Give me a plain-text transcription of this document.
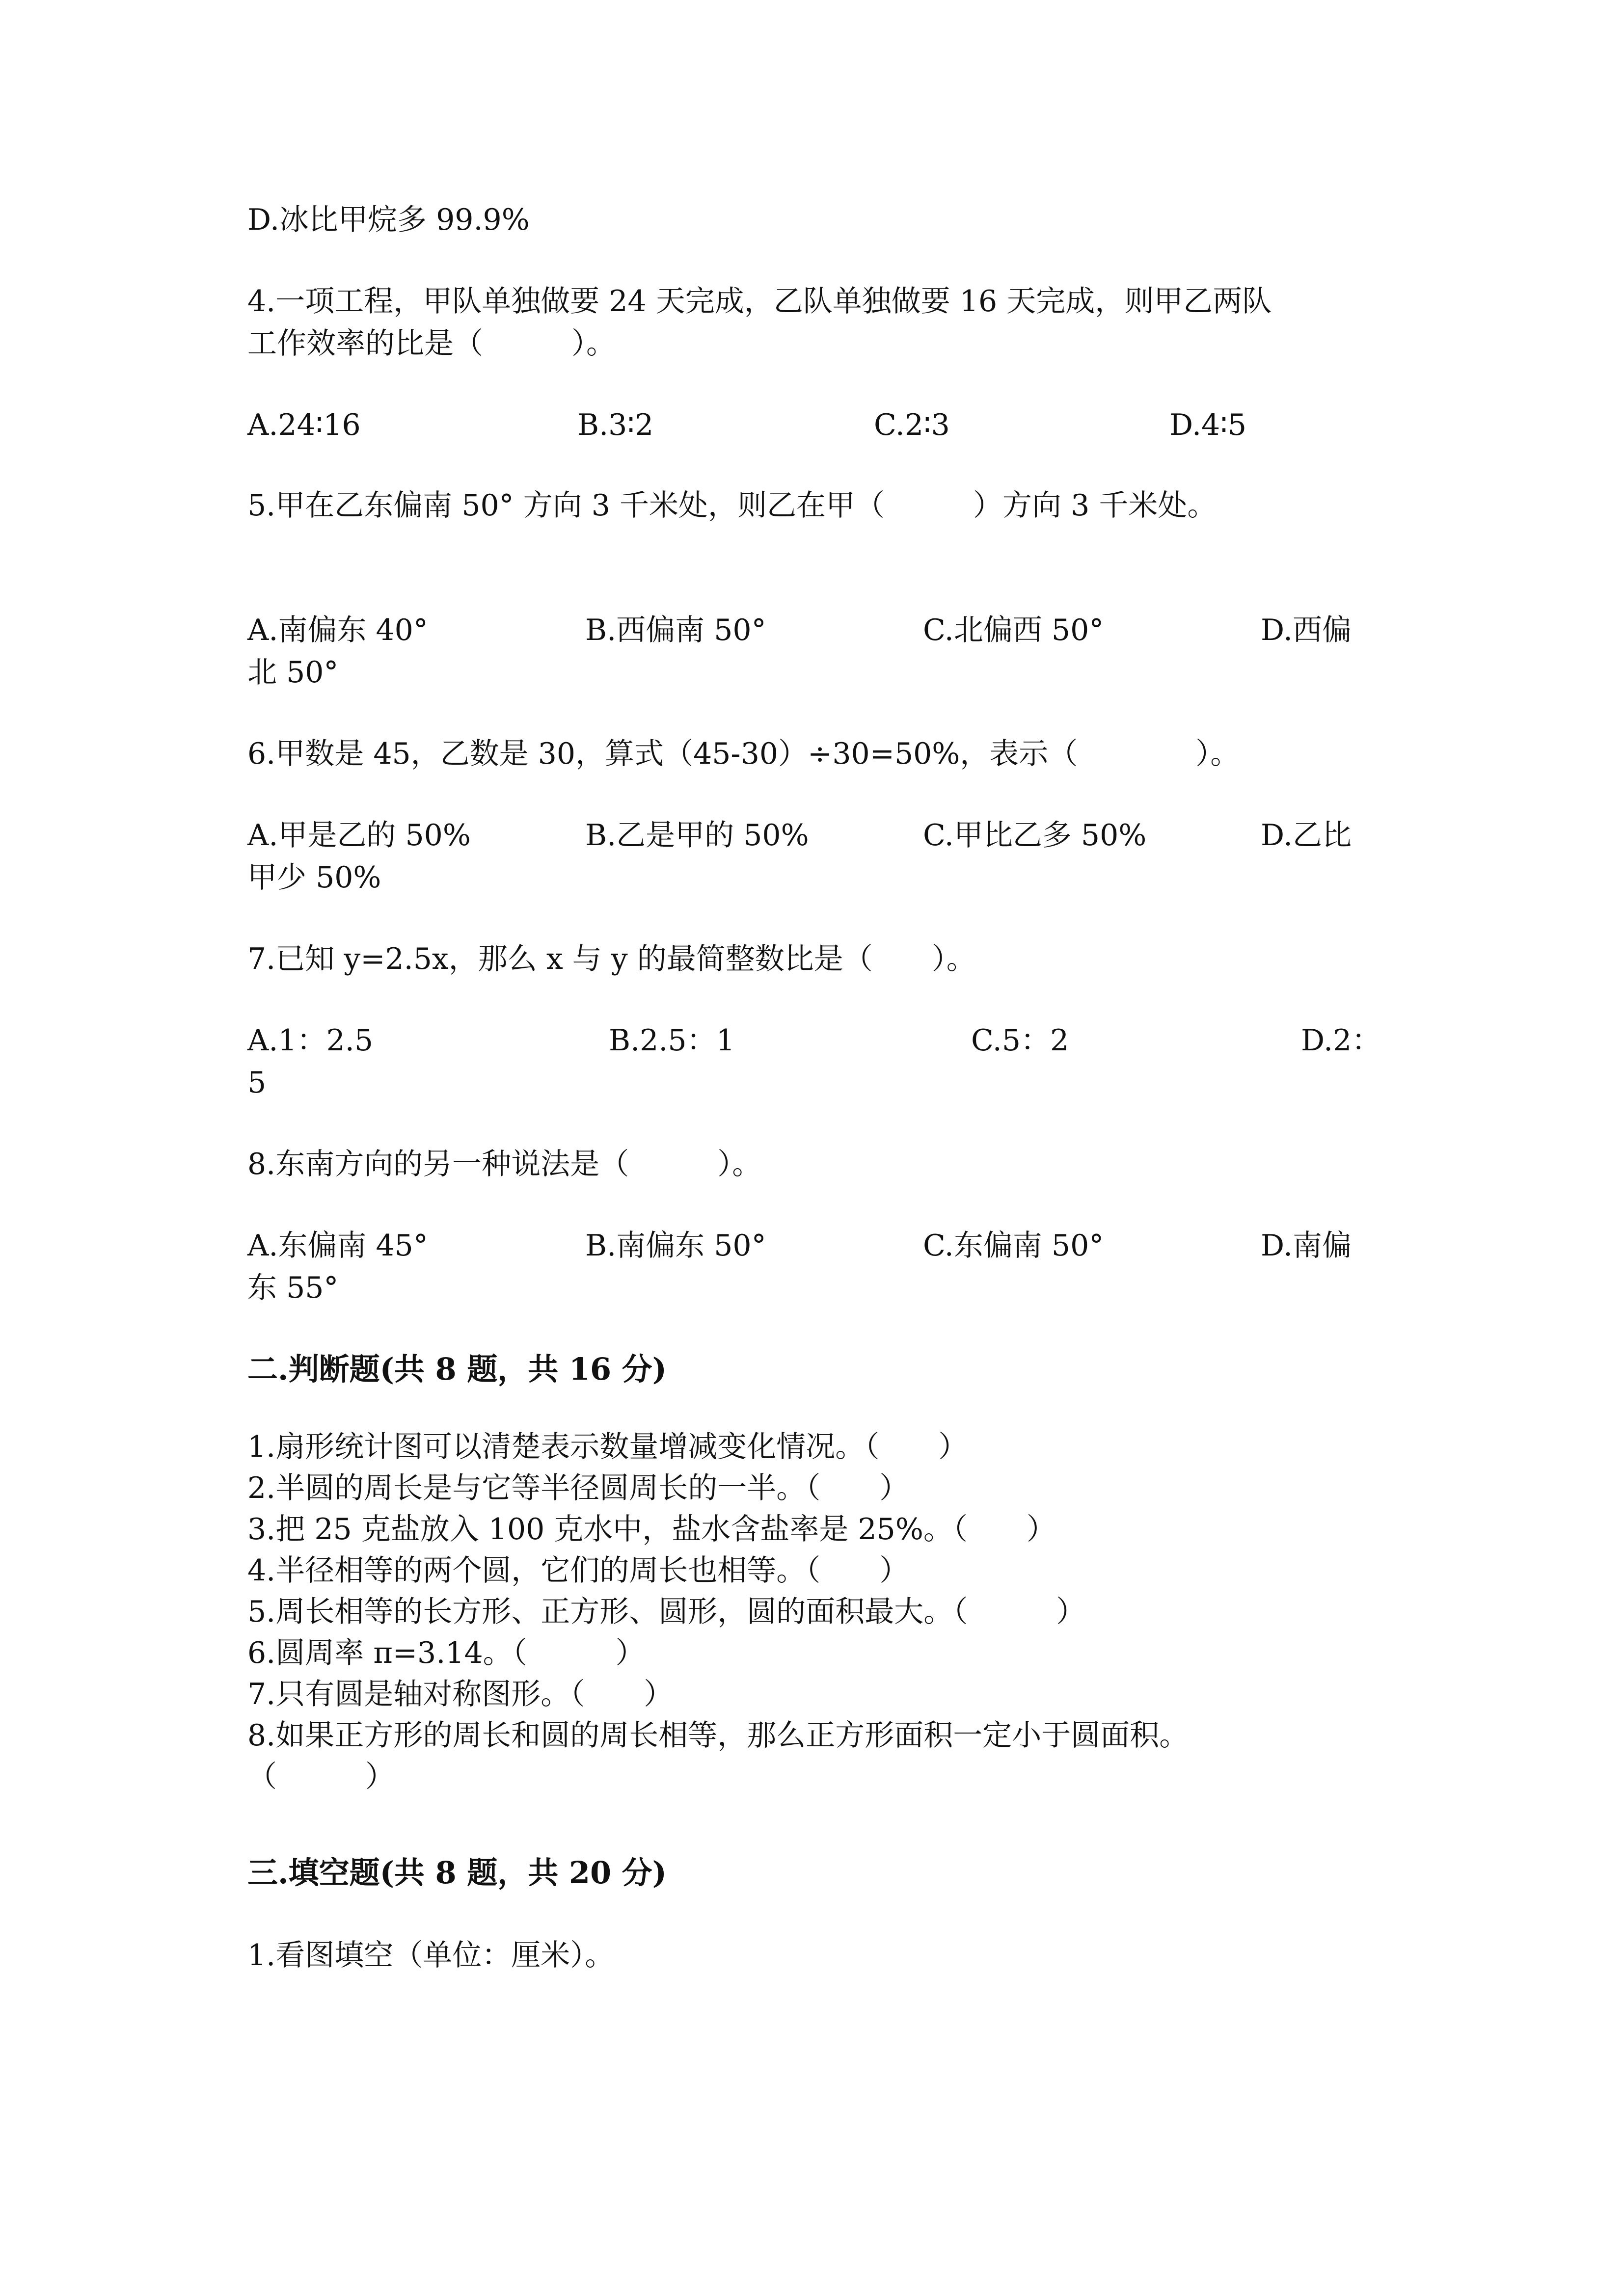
D.冰比甲烷多 99.9%
4.一项工程，甲队单独做要 24 天完成，乙队单独做要 16 天完成，则甲乙两队
工作效率的比是（　　　）。
A.24∶16	B.3∶2	C.2∶3	D.4∶5
5.甲在乙东偏南 50° 方向 3 千米处，则乙在甲（　　　）方向 3 千米处。
A.南偏东 40°	B.西偏南 50°	C.北偏西 50°	D.西偏
北 50°
6.甲数是 45，乙数是 30，算式（45-30）÷30=50%，表示（　　　　）。
A.甲是乙的 50%	B.乙是甲的 50%	C.甲比乙多 50%	D.乙比
甲少 50%
7.已知 y=2.5x，那么 x 与 y 的最简整数比是（　　）。
A.1：2.5	B.2.5：1	C.5：2	D.2：
5
8.东南方向的另一种说法是（　　　）。
A.东偏南 45°	B.南偏东 50°	C.东偏南 50°	D.南偏
东 55°
二.判断题(共 8 题，共 16 分)
1.扇形统计图可以清楚表示数量增减变化情况。（　　）
2.半圆的周长是与它等半径圆周长的一半。（　　）
3.把 25 克盐放入 100 克水中，盐水含盐率是 25%。（　　）
4.半径相等的两个圆，它们的周长也相等。（　　）
5.周长相等的长方形、正方形、圆形，圆的面积最大。（　　　）
6.圆周率 π=3.14。（　　　）
7.只有圆是轴对称图形。（　　）
8.如果正方形的周长和圆的周长相等，那么正方形面积一定小于圆面积。
（　　　）
三.填空题(共 8 题，共 20 分)
1.看图填空（单位：厘米）。
